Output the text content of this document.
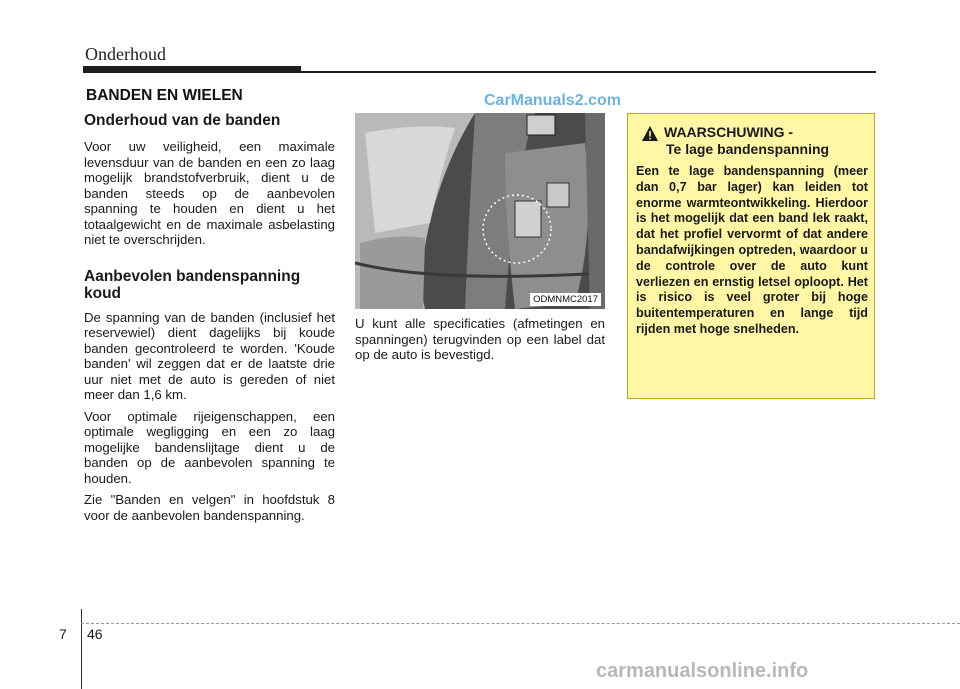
Onderhoud
BANDEN EN WIELEN	CarManuals2.com
Onderhoud van de banden

Voor uw veiligheid, een maximale levensduur van de banden en een zo laag mogelijk brandstofverbruik, dient u de banden steeds op de aanbevolen spanning te houden en dient u het totaalgewicht en de maximale asbelasting niet te overschrijden.

Aanbevolen bandenspanning koud

De spanning van de banden (inclusief het reservewiel) dient dagelijks bij koude banden gecontroleerd te worden. 'Koude banden' wil zeggen dat er de laatste drie uur niet met de auto is gereden of niet meer dan 1,6 km.

Voor optimale rijeigenschappen, een optimale wegligging en een zo laag mogelijke bandenslijtage dient u de banden op de aanbevolen spanning te houden.

Zie "Banden en velgen" in hoofdstuk 8 voor de aanbevolen bandenspanning.

ODMNMC2017
U kunt alle specificaties (afmetingen en spanningen) terugvinden op een label dat op de auto is bevestigd.
WAARSCHUWING -
Te lage bandenspanning
Een te lage bandenspanning (meer dan 0,7 bar lager) kan leiden tot enorme warmteontwikkeling. Hierdoor is het mogelijk dat een band lek raakt, dat het profiel vervormt of dat andere bandafwijkingen optreden, waardoor u de controle over de auto kunt verliezen en ernstig letsel oploopt. Het is risico is veel groter bij hoge buitentemperaturen en lange tijd rijden met hoge snelheden.
7 46
carmanualsonline.info
